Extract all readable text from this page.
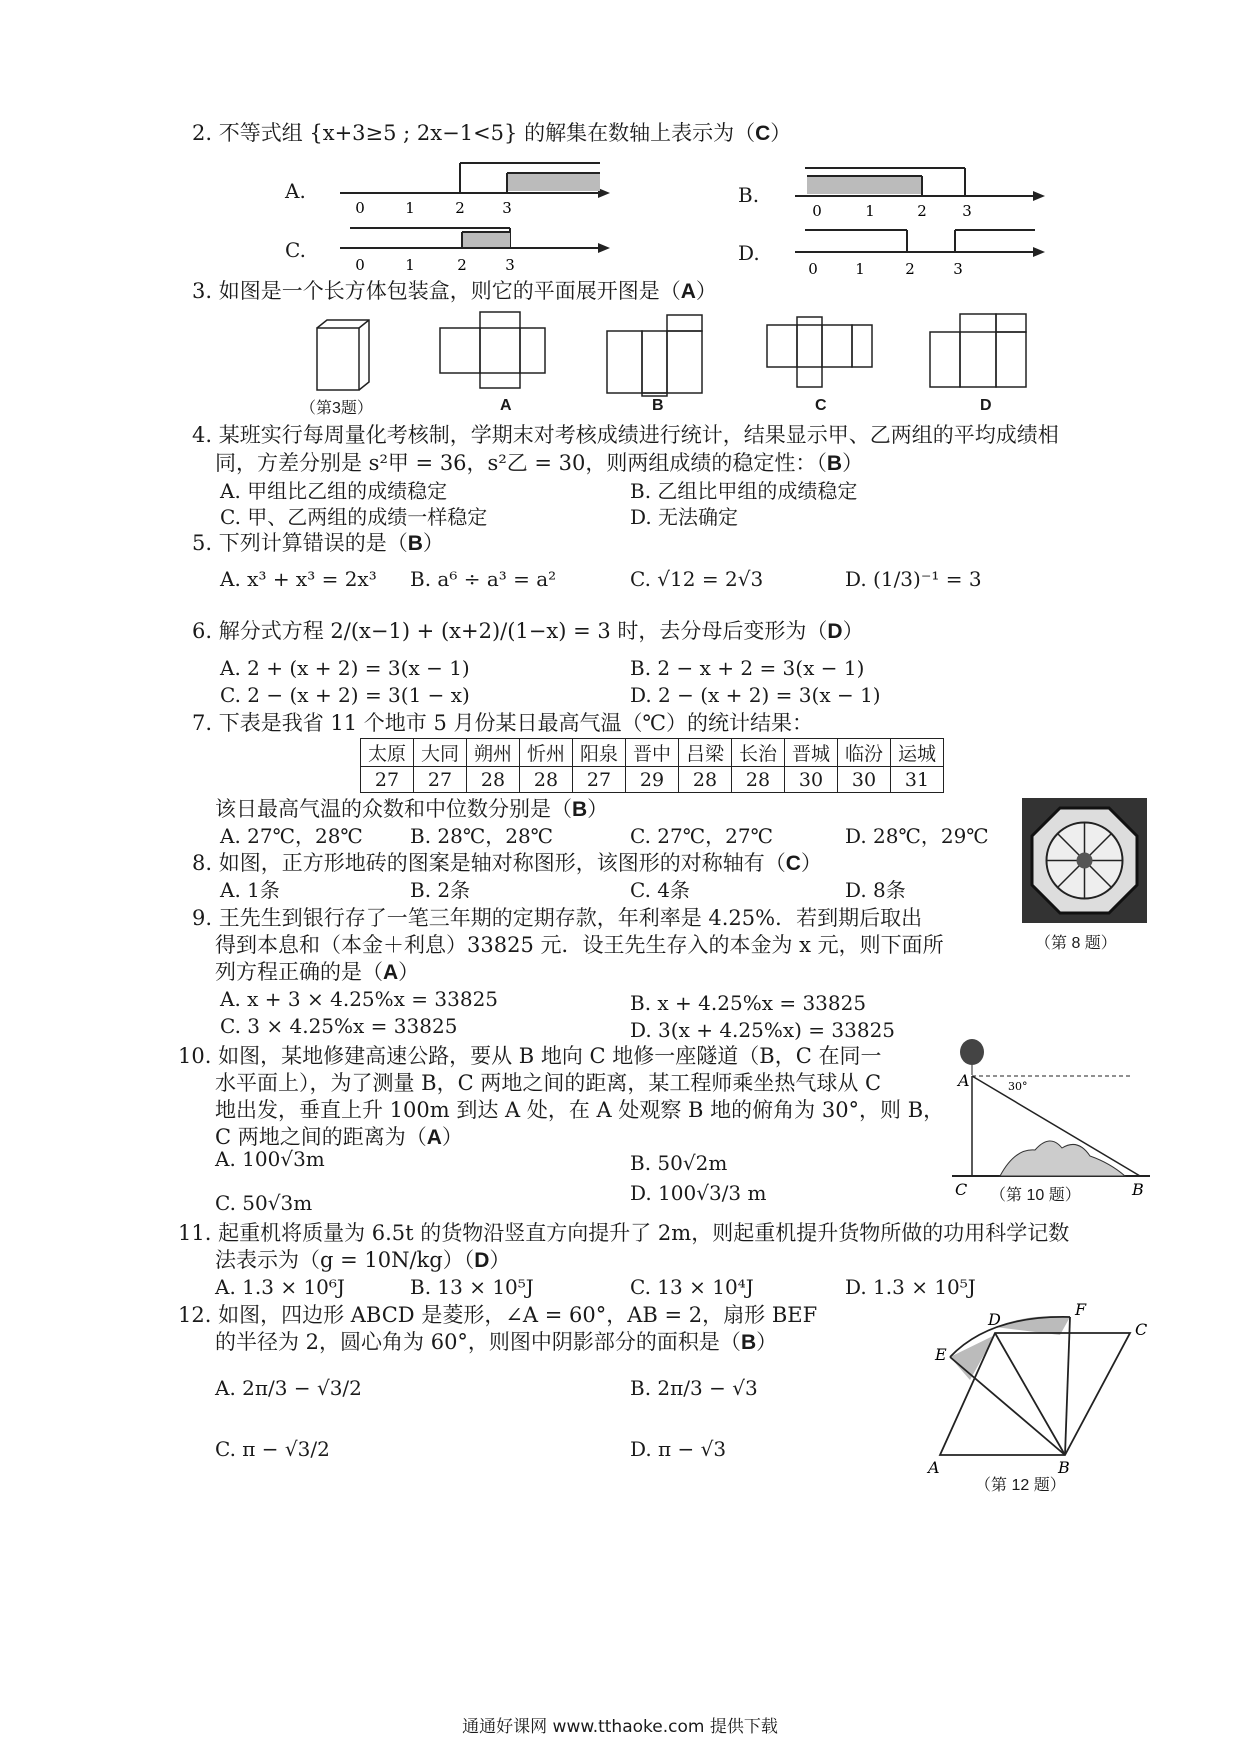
2. 不等式组 {x+3≥5 ; 2x−1<5} 的解集在数轴上表示为（C）
A.	B.
C.	D.
0	1	2 3	0	1	2 3
0	1	2	3	0 1	2	3
3. 如图是一个长方体包装盒，则它的平面展开图是（A）
（第3题）	A	B	C	D
4. 某班实行每周量化考核制，学期末对考核成绩进行统计，结果显示甲、乙两组的平均成绩相
同，方差分别是 s²甲 = 36，s²乙 = 30，则两组成绩的稳定性：（B）
A. 甲组比乙组的成绩稳定	B. 乙组比甲组的成绩稳定
C. 甲、乙两组的成绩一样稳定	D. 无法确定
5. 下列计算错误的是（B）
A. x³ + x³ = 2x³ B. a⁶ ÷ a³ = a²	C. √12 = 2√3	D. (1/3)⁻¹ = 3
6. 解分式方程 2/(x−1) + (x+2)/(1−x) = 3 时，去分母后变形为（D）
A. 2 + (x + 2) = 3(x − 1)	B. 2 − x + 2 = 3(x − 1)
C. 2 − (x + 2) = 3(1 − x)	D. 2 − (x + 2) = 3(x − 1)
7. 下表是我省 11 个地市 5 月份某日最高气温（℃）的统计结果：
太原	大同	朔州	忻州	阳泉	晋中	吕梁	长治	晋城	临汾	运城
27	27	28	28	27	29	28	28	30	30	31
该日最高气温的众数和中位数分别是（B）
A. 27℃，28℃ B. 28℃，28℃	C. 27℃，27℃	D. 28℃，29℃
8. 如图，正方形地砖的图案是轴对称图形，该图形的对称轴有（C）
A. 1条	B. 2条	C. 4条	D. 8条
（第 8 题）
9. 王先生到银行存了一笔三年期的定期存款，年利率是 4.25%．若到期后取出
得到本息和（本金＋利息）33825 元．设王先生存入的本金为 x 元，则下面所
列方程正确的是（A）
A. x + 3 × 4.25%x = 33825	B. x + 4.25%x = 33825
C. 3 × 4.25%x = 33825	D. 3(x + 4.25%x) = 33825
10. 如图，某地修建高速公路，要从 B 地向 C 地修一座隧道（B，C 在同一
水平面上），为了测量 B，C 两地之间的距离，某工程师乘坐热气球从 C
地出发，垂直上升 100m 到达 A 处，在 A 处观察 B 地的俯角为 30°，则 B，
C 两地之间的距离为（A）
A. 100√3m	B. 50√2m
C. 50√3m	D. 100√3/3 m
A	30°
C	B
（第 10 题）
11. 起重机将质量为 6.5t 的货物沿竖直方向提升了 2m，则起重机提升货物所做的功用科学记数
法表示为（g = 10N/kg）（D）
A. 1.3 × 10⁶J	B. 13 × 10⁵J	C. 13 × 10⁴J	D. 1.3 × 10⁵J
12. 如图，四边形 ABCD 是菱形，∠A = 60°，AB = 2，扇形 BEF
的半径为 2，圆心角为 60°，则图中阴影部分的面积是（B）
A. 2π/3 − √3/2	B. 2π/3 − √3
C. π − √3/2	D. π − √3
A	B
C
D
E
F
（第 12 题）
通通好课网 www.tthaoke.com 提供下载
